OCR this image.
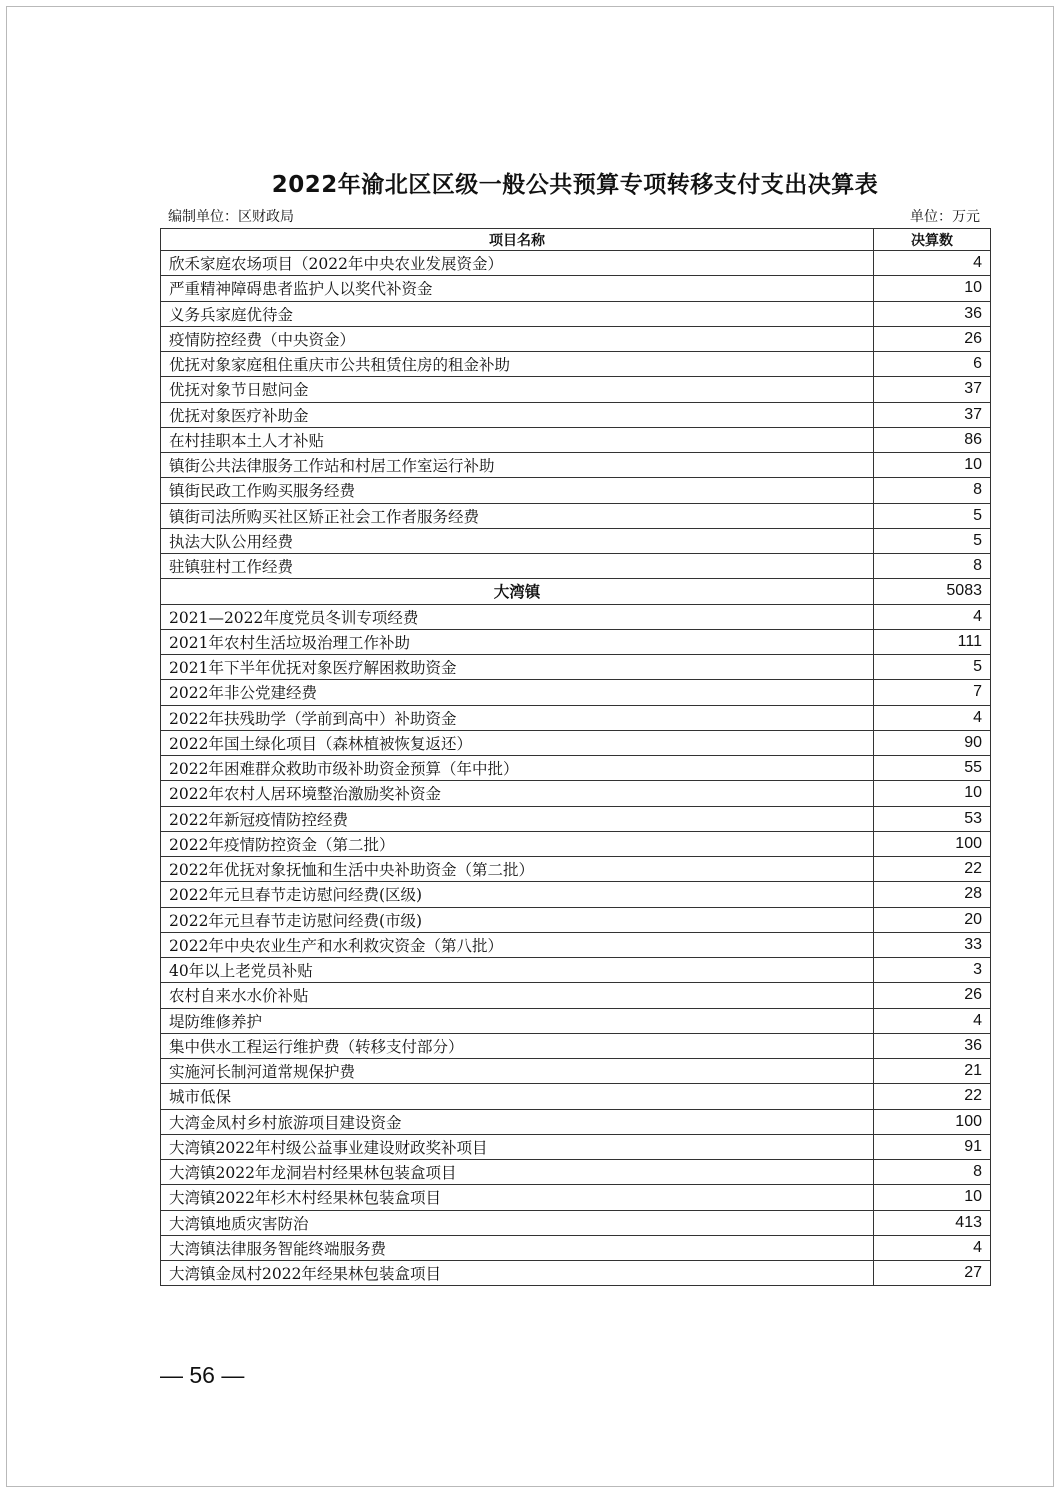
2022年渝北区区级一般公共预算专项转移支付支出决算表
编制单位：区财政局	单位：万元
项目名称	决算数
欣禾家庭农场项目（2022年中央农业发展资金）	4
严重精神障碍患者监护人以奖代补资金	10
义务兵家庭优待金	36
疫情防控经费（中央资金）	26
优抚对象家庭租住重庆市公共租赁住房的租金补助	6
优抚对象节日慰问金	37
优抚对象医疗补助金	37
在村挂职本土人才补贴	86
镇街公共法律服务工作站和村居工作室运行补助	10
镇街民政工作购买服务经费	8
镇街司法所购买社区矫正社会工作者服务经费	5
执法大队公用经费	5
驻镇驻村工作经费	8
大湾镇	5083
2021—2022年度党员冬训专项经费	4
2021年农村生活垃圾治理工作补助	111
2021年下半年优抚对象医疗解困救助资金	5
2022年非公党建经费	7
2022年扶残助学（学前到高中）补助资金	4
2022年国土绿化项目（森林植被恢复返还）	90
2022年困难群众救助市级补助资金预算（年中批）	55
2022年农村人居环境整治激励奖补资金	10
2022年新冠疫情防控经费	53
2022年疫情防控资金（第二批）	100
2022年优抚对象抚恤和生活中央补助资金（第二批）	22
2022年元旦春节走访慰问经费(区级)	28
2022年元旦春节走访慰问经费(市级)	20
2022年中央农业生产和水利救灾资金（第八批）	33
40年以上老党员补贴	3
农村自来水水价补贴	26
堤防维修养护	4
集中供水工程运行维护费（转移支付部分）	36
实施河长制河道常规保护费	21
城市低保	22
大湾金凤村乡村旅游项目建设资金	100
大湾镇2022年村级公益事业建设财政奖补项目	91
大湾镇2022年龙洞岩村经果林包装盒项目	8
大湾镇2022年杉木村经果林包装盒项目	10
大湾镇地质灾害防治	413
大湾镇法律服务智能终端服务费	4
大湾镇金凤村2022年经果林包装盒项目	27
— 56 —
